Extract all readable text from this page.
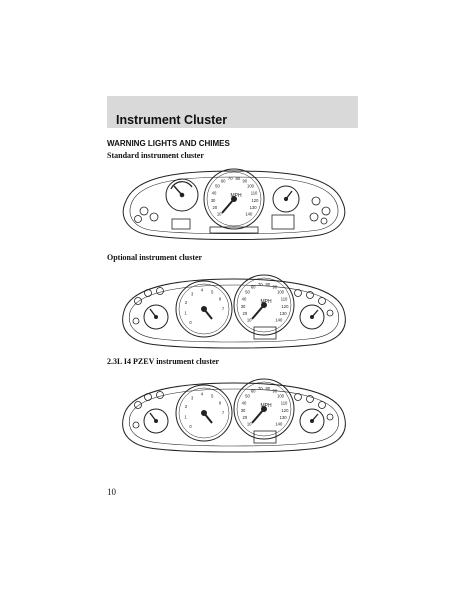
Instrument Cluster
WARNING LIGHTS AND CHIMES
Standard instrument cluster
10
20
30
40
50
60
70 80
90
100
110
120
130
140
MPH
Optional instrument cluster
0
1
2
3
4 5
6
7
10
20
30
40
50
60
70 80
90
100
110
120
130
140
MPH
2.3L I4 PZEV instrument cluster
0
1
2
3
4 5
6
7
10
20
30
40
50
60
70 80
90
100
110
120
130
140
MPH
10
